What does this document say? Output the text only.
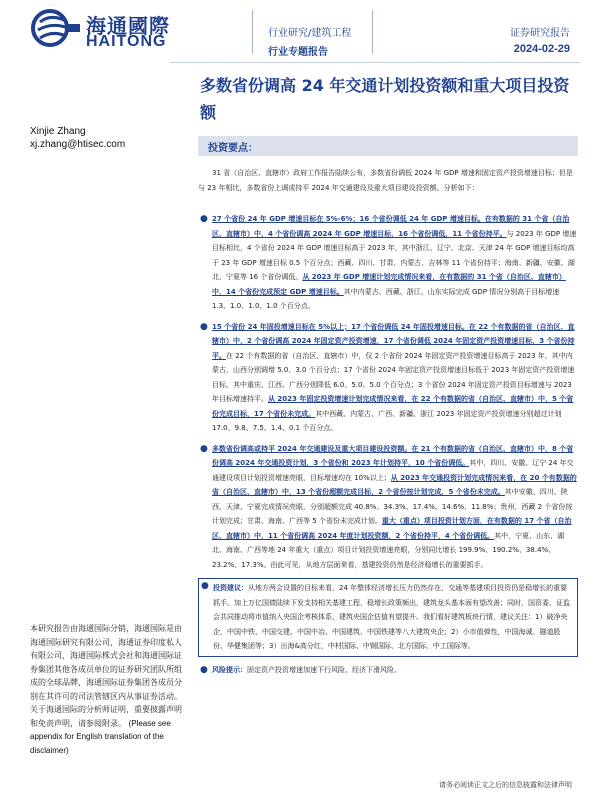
海通國際
HAITONG	行业研究/建筑工程
行业专题报告
证券研究报告
2024-02-29
多数省份调高 24 年交通计划投资额和重大项目投资额
Xinjie Zhang
xj.zhang@htisec.com	投资要点：

31 省（自治区、直辖市）政府工作报告陆续公布，多数省份调低 2024 年 GDP 增速和固定资产投资增速目标；但是与 23 年相比，多数省份上调或持平 2024 年交通建设及重大项目建设投资额。分析如下：

● 27 个省份 24 年 GDP 增速目标在 5%-6%；16 个省份调低 24 年 GDP 增速目标。在有数据的 31 个省（自治区、直辖市）中，4 个省份调高 2024 年 GDP 增速目标，16 个省份调低，11 个省份持平。与 2023 年 GDP 增速目标相比，4 个省份 2024 年 GDP 增速目标高于 2023 年，其中浙江、辽宁、北京、天津 24 年 GDP 增速目标均高于 23 年 GDP 增速目标 0.5 个百分点；西藏、四川、甘肃、内蒙古、吉林等 11 个省份持平；海南、新疆、安徽、湖北、宁夏等 16 个省份调低。从 2023 年 GDP 增速计划完成情况来看，在有数据的 31 个省（自治区、直辖市）中，14 个省份完成预定 GDP 增速目标。其中内蒙古、西藏、浙江、山东实际完成 GDP 情况分别高于目标增速 1.3、1.0、1.0、1.0 个百分点。
● 15 个省份 24 年固投增速目标在 5%以上；17 个省份调低 24 年固投增速目标。在 22 个有数据的省（自治区、直辖市）中，2 个省份调高 2024 年固定资产投资增速，17 个省份调低 2024 年固定资产投资增速目标，3 个省份持平。在 22 个有数据的省（自治区、直辖市）中，仅 2 个省份 2024 年固定资产投资增速目标高于 2023 年，其中内蒙古、山西分别调增 5.0、3.0 个百分点；17 个省份 2024 年固定资产投资增速目标低于 2023 年固定资产投资增速目标，其中重庆、江西、广西分别降低 6.0、5.0、5.0 个百分点；3 个省份 2024 年固定资产投资目标增速与 2023 年目标增速持平。从 2023 年固定投资增速计划完成情况来看，在 22 个有数据的省（自治区、直辖市）中，5 个省份完成目标，17 个省份未完成。其中西藏、内蒙古、广西、新疆、浙江 2023 年固定资产投资增速分别超过计划 17.0、9.8、7.5、1.4、0.1 个百分点。
● 多数省份调高或持平 2024 年交通建设及重大项目建设投资额。在 21 个有数据的省（自治区、直辖市）中，8 个省份调高 2024 年交通投资计划，3 个省份和 2023 年计划持平，10 个省份调低。其中，四川、安徽、辽宁 24 年交通建设项目计划投资增速亮眼，目标增速均在 10%以上；从 2023 年交通投资计划完成情况来看，在 20 个有数据的省（自治区、直辖市）中，13 个省份超额完成目标，2 个省份按计划完成，5 个省份未完成。其中安徽、四川、陕西、天津、宁夏完成情况亮眼，分别超额完成 40.8%、34.3%、17.4%、14.6%、11.8%；贵州、西藏 2 个省份按计划完成；甘肃、海南、广西等 5 个省份未完成计划。重大（重点）项目投资计划方面，在有数据的 17 个省（自治区、直辖市）中，11 个省份调高 2024 年度计划投资额，2 个省份持平，4 个省份调低。其中，宁夏、山东、湖北、海南、广西等地 24 年重大（重点）项目计划投资增速亮眼，分别同比增长 199.9%、190.2%、38.4%、23.2%、17.3%。由此可见，从地方层面来看，基建投资仍然是经济稳增长的重要抓手。
● 投资建议：从地方两会设置的目标来看，24 年整体经济增长压力仍然存在，交通等基建项目投资仍是稳增长的重要抓手。加上万亿国债陆续下发支持相关基建工程，稳增长政策频出，建筑龙头基本面有望改善；同时，国资委、证监会共同推动将市值纳入央国企考核体系，建筑央国企估值有望提升。我们看好建筑板块行情，建议关注：1）破净央企，中国中铁、中国交建、中国中冶、中国建筑、中国铁建等八大建筑央企；2）小市值弹性，中国海诚、隧道股份、华健集团等；3）出海&高分红，中材国际、中钢国际、北方国际、中工国际等。
● 风险提示：固定资产投资增速加速下行风险、经济下滑风险。
本研究报告由海通国际分销，海通国际是由海通国际研究有限公司，海通证券印度私人有限公司，海通国际株式会社和海通国际证券集团其他各成员单位的证券研究团队所组成的全球品牌，海通国际证券集团各成员分别在其许可的司法管辖区内从事证券活动。关于海通国际的分析师证明，重要披露声明和免责声明，请参阅附录。 (Please see appendix for English translation of the disclaimer)
请务必阅读正文之后的信息披露和法律声明
